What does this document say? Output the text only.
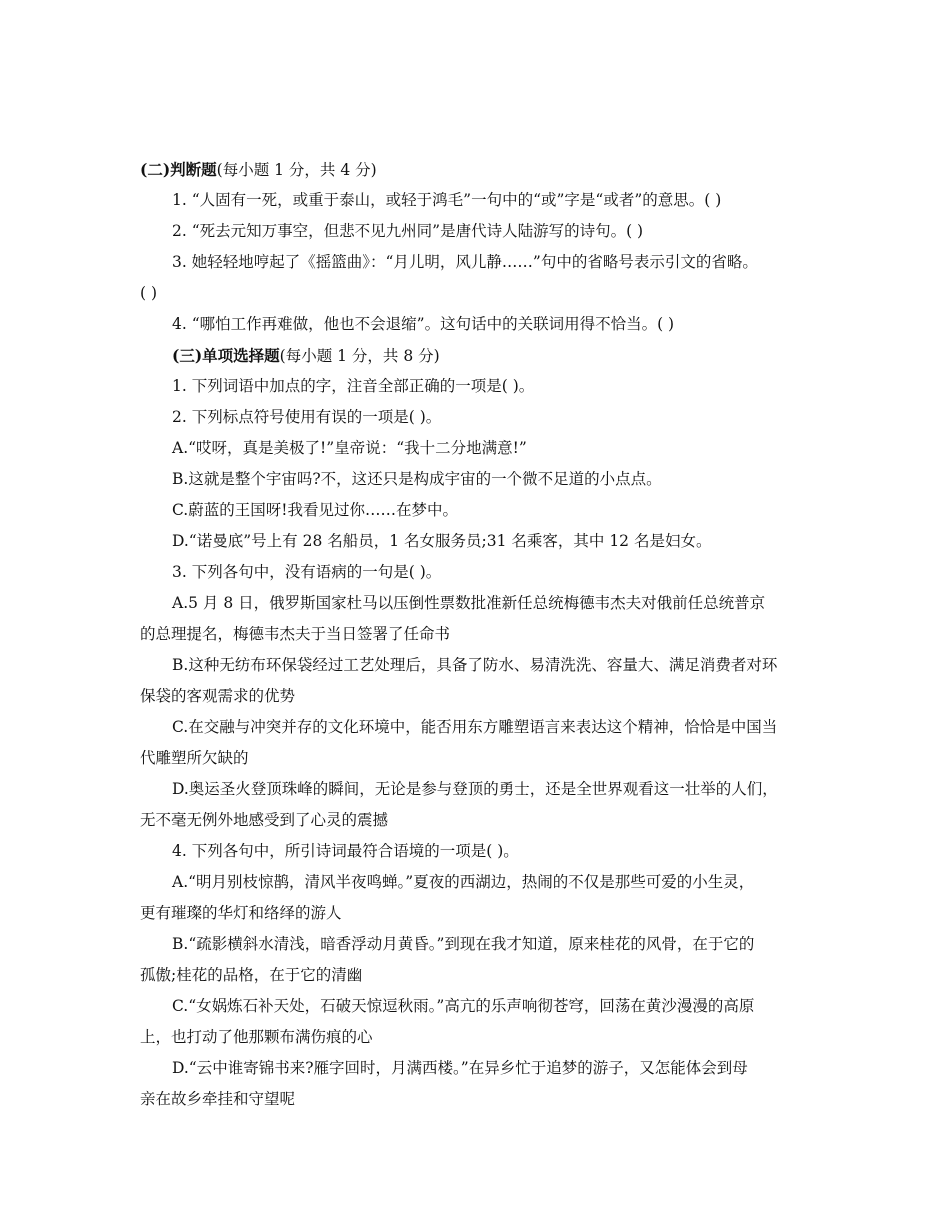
(二)判断题(每小题 1 分，共 4 分)
1. “人固有一死，或重于泰山，或轻于鸿毛”一句中的“或”字是“或者”的意思。( )
2. “死去元知万事空，但悲不见九州同”是唐代诗人陆游写的诗句。( )
3. 她轻轻地哼起了《摇篮曲》：“月儿明，风儿静……”句中的省略号表示引文的省略。
( )
4. “哪怕工作再难做，他也不会退缩”。这句话中的关联词用得不恰当。( )
(三)单项选择题(每小题 1 分，共 8 分)
1. 下列词语中加点的字，注音全部正确的一项是( )。
2. 下列标点符号使用有误的一项是( )。
A.“哎呀，真是美极了!”皇帝说：“我十二分地满意!”
B.这就是整个宇宙吗?不，这还只是构成宇宙的一个微不足道的小点点。
C.蔚蓝的王国呀!我看见过你……在梦中。
D.“诺曼底”号上有 28 名船员，1 名女服务员;31 名乘客，其中 12 名是妇女。
3. 下列各句中，没有语病的一句是( )。
A.5 月 8 日，俄罗斯国家杜马以压倒性票数批准新任总统梅德韦杰夫对俄前任总统普京
的总理提名，梅德韦杰夫于当日签署了任命书
B.这种无纺布环保袋经过工艺处理后，具备了防水、易清洗洗、容量大、满足消费者对环
保袋的客观需求的优势
C.在交融与冲突并存的文化环境中，能否用东方雕塑语言来表达这个精神，恰恰是中国当
代雕塑所欠缺的
D.奥运圣火登顶珠峰的瞬间，无论是参与登顶的勇士，还是全世界观看这一壮举的人们，
无不毫无例外地感受到了心灵的震撼
4. 下列各句中，所引诗词最符合语境的一项是( )。
A.“明月别枝惊鹊，清风半夜鸣蝉。”夏夜的西湖边，热闹的不仅是那些可爱的小生灵，
更有璀璨的华灯和络绎的游人
B.“疏影横斜水清浅，暗香浮动月黄昏。”到现在我才知道，原来桂花的风骨，在于它的
孤傲;桂花的品格，在于它的清幽
C.“女娲炼石补天处，石破天惊逗秋雨。”高亢的乐声响彻苍穹，回荡在黄沙漫漫的高原
上，也打动了他那颗布满伤痕的心
D.“云中谁寄锦书来?雁字回时，月满西楼。”在异乡忙于追梦的游子，又怎能体会到母
亲在故乡牵挂和守望呢
